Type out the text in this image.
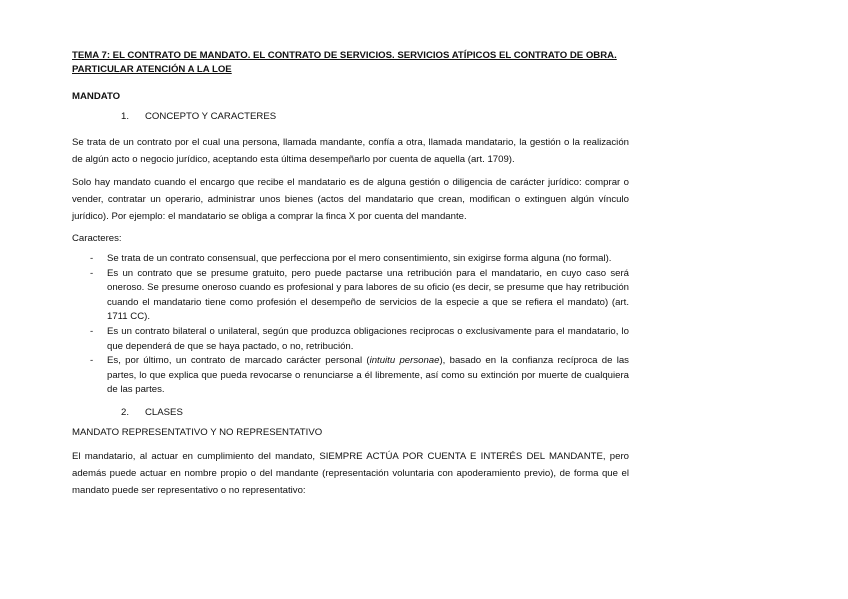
TEMA 7: EL CONTRATO DE MANDATO. EL CONTRATO DE SERVICIOS. SERVICIOS ATÍPICOS EL CONTRATO DE OBRA.
PARTICULAR ATENCIÓN A LA LOE

MANDATO

1. CONCEPTO Y CARACTERES

Se trata de un contrato por el cual una persona, llamada mandante, confía a otra, llamada mandatario, la gestión o la realización de algún acto o negocio jurídico, aceptando esta última desempeñarlo por cuenta de aquella (art. 1709).

Solo hay mandato cuando el encargo que recibe el mandatario es de alguna gestión o diligencia de carácter jurídico: comprar o vender, contratar un operario, administrar unos bienes (actos del mandatario que crean, modifican o extinguen algún vínculo jurídico). Por ejemplo: el mandatario se obliga a comprar la finca X por cuenta del mandante.

Caracteres:

- Se trata de un contrato consensual, que perfecciona por el mero consentimiento, sin exigirse forma alguna (no formal).
- Es un contrato que se presume gratuito, pero puede pactarse una retribución para el mandatario, en cuyo caso será oneroso. Se presume oneroso cuando es profesional y para labores de su oficio (es decir, se presume que hay retribución cuando el mandatario tiene como profesión el desempeño de servicios de la especie a que se refiera el mandato) (art. 1711 CC).
- Es un contrato bilateral o unilateral, según que produzca obligaciones reciprocas o exclusivamente para el mandatario, lo que dependerá de que se haya pactado, o no, retribución.
- Es, por último, un contrato de marcado carácter personal (intuitu personae), basado en la confianza recíproca de las partes, lo que explica que pueda revocarse o renunciarse a él libremente, así como su extinción por muerte de cualquiera de las partes.
2. CLASES

MANDATO REPRESENTATIVO Y NO REPRESENTATIVO

El mandatario, al actuar en cumplimiento del mandato, SIEMPRE ACTÚA POR CUENTA E INTERÉS DEL MANDANTE, pero además puede actuar en nombre propio o del mandante (representación voluntaria con apoderamiento previo), de forma que el mandato puede ser representativo o no representativo:
